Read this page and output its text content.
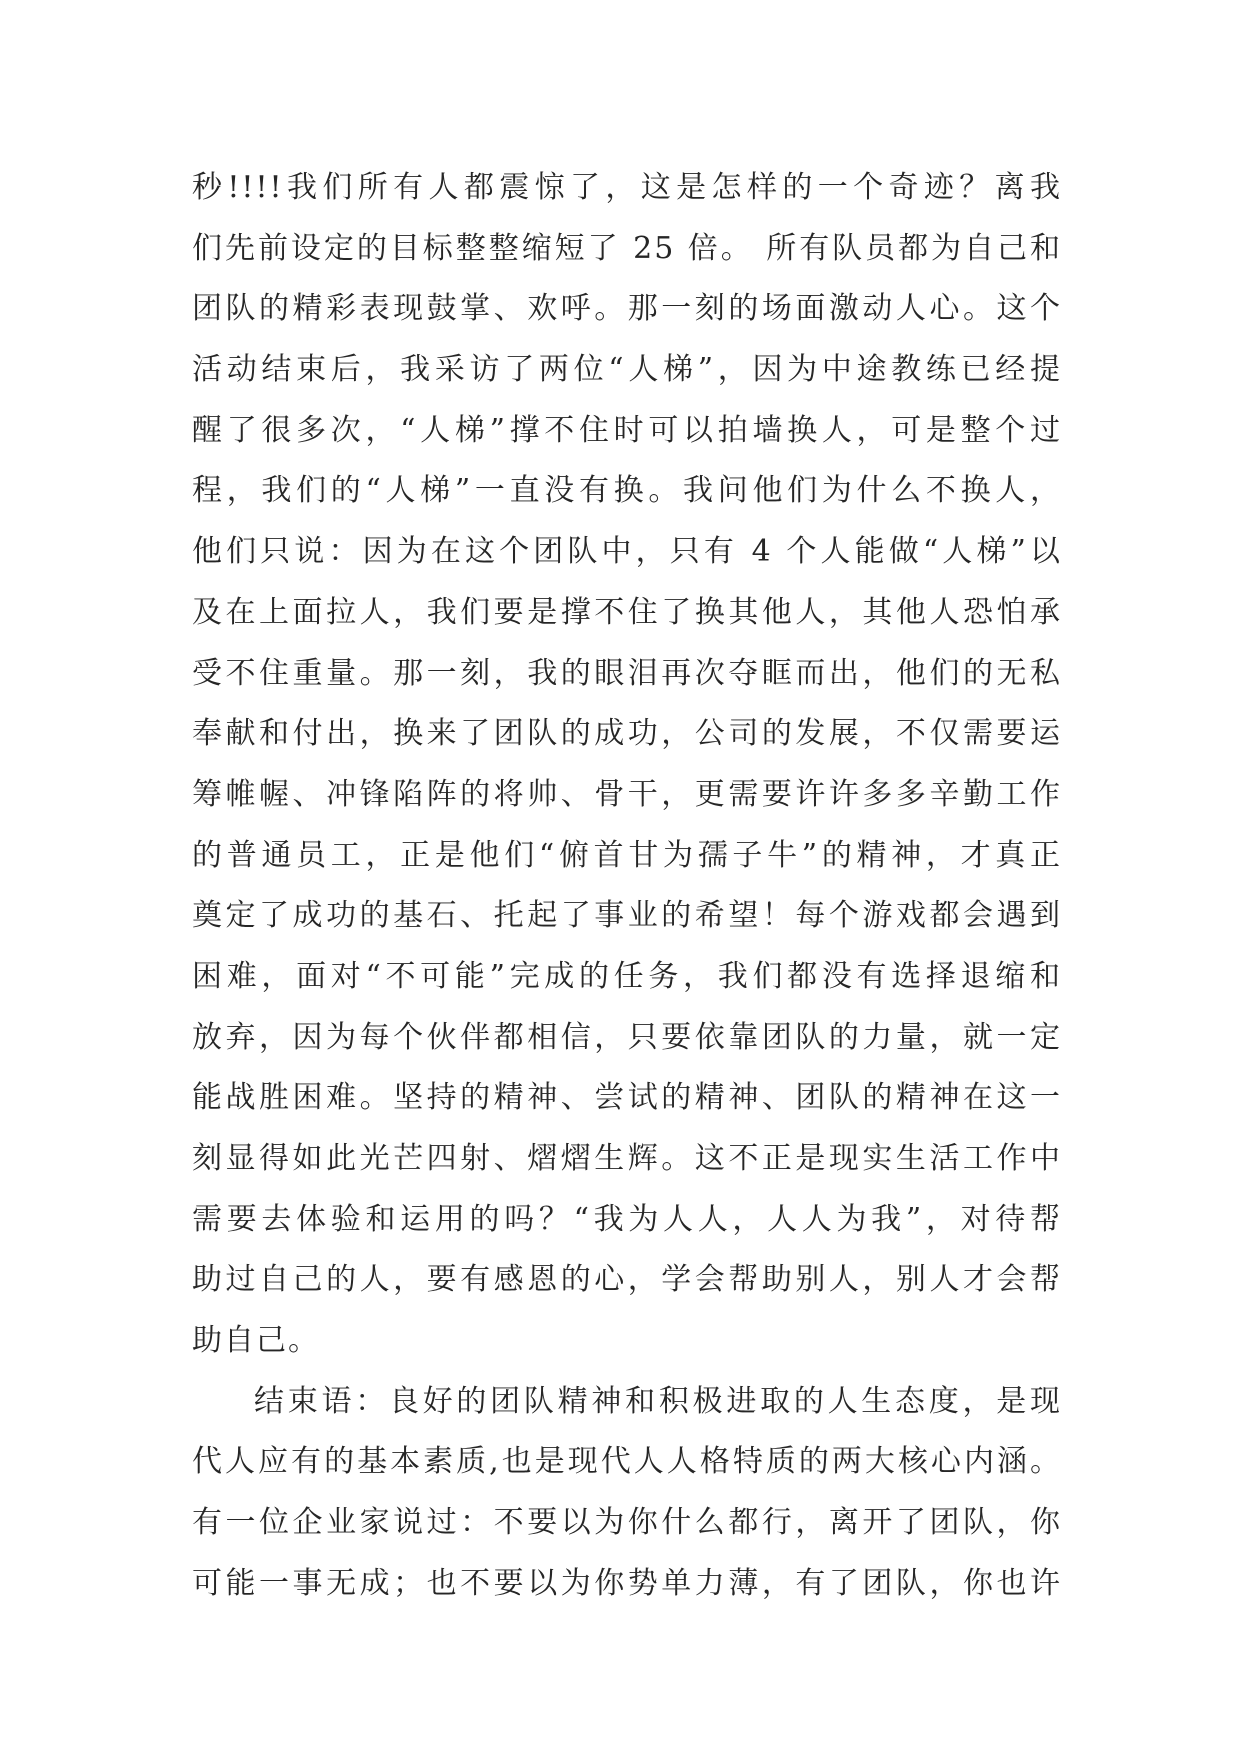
秒!!!!我们所有人都震惊了，这是怎样的一个奇迹？离我
们先前设定的目标整整缩短了 25 倍。 所有队员都为自己和
团队的精彩表现鼓掌、欢呼。那一刻的场面激动人心。这个
活动结束后，我采访了两位“人梯”，因为中途教练已经提
醒了很多次，“人梯”撑不住时可以拍墙换人，可是整个过
程，我们的“人梯”一直没有换。我问他们为什么不换人，
他们只说：因为在这个团队中，只有 4 个人能做“人梯”以
及在上面拉人，我们要是撑不住了换其他人，其他人恐怕承
受不住重量。那一刻，我的眼泪再次夺眶而出，他们的无私
奉献和付出，换来了团队的成功，公司的发展，不仅需要运
筹帷幄、冲锋陷阵的将帅、骨干，更需要许许多多辛勤工作
的普通员工，正是他们“俯首甘为孺子牛”的精神，才真正
奠定了成功的基石、托起了事业的希望！每个游戏都会遇到
困难，面对“不可能”完成的任务，我们都没有选择退缩和
放弃，因为每个伙伴都相信，只要依靠团队的力量，就一定
能战胜困难。坚持的精神、尝试的精神、团队的精神在这一
刻显得如此光芒四射、熠熠生辉。这不正是现实生活工作中
需要去体验和运用的吗？“我为人人，人人为我”，对待帮
助过自己的人，要有感恩的心，学会帮助别人，别人才会帮
助自己。
结束语：良好的团队精神和积极进取的人生态度，是现
代人应有的基本素质,也是现代人人格特质的两大核心内涵。
有一位企业家说过：不要以为你什么都行，离开了团队，你
可能一事无成；也不要以为你势单力薄，有了团队，你也许
